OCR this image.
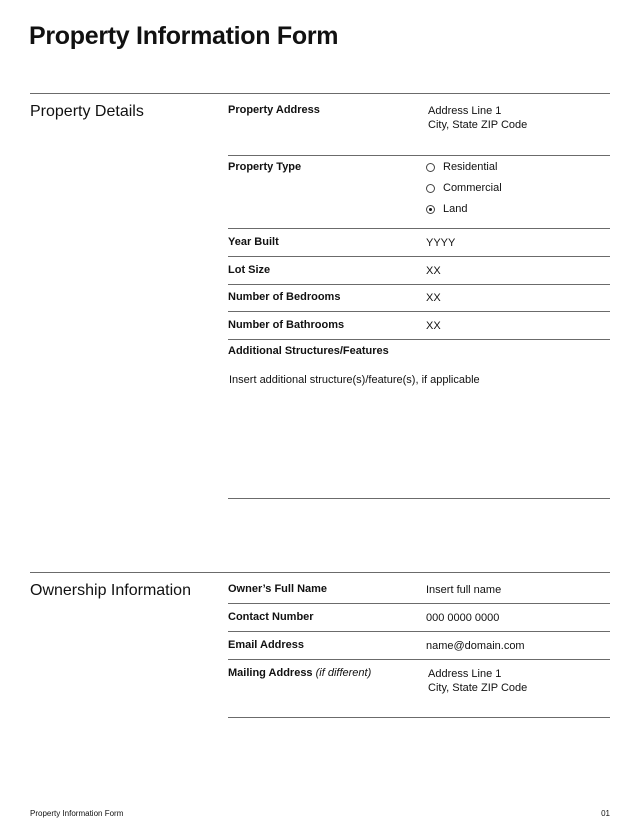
Property Information Form
Property Details	Property Address	Address Line 1
City, State ZIP Code
Property Type	Residential
Commercial
Land
Year Built	YYYY
Lot Size	XX
Number of Bedrooms	XX
Number of Bathrooms	XX
Additional Structures/Features
Insert additional structure(s)/feature(s), if applicable
Ownership Information	Owner’s Full Name	Insert full name
Contact Number	000 0000 0000
Email Address	name@domain.com
Mailing Address (if different)	Address Line 1
City, State ZIP Code
Property Information Form	01
